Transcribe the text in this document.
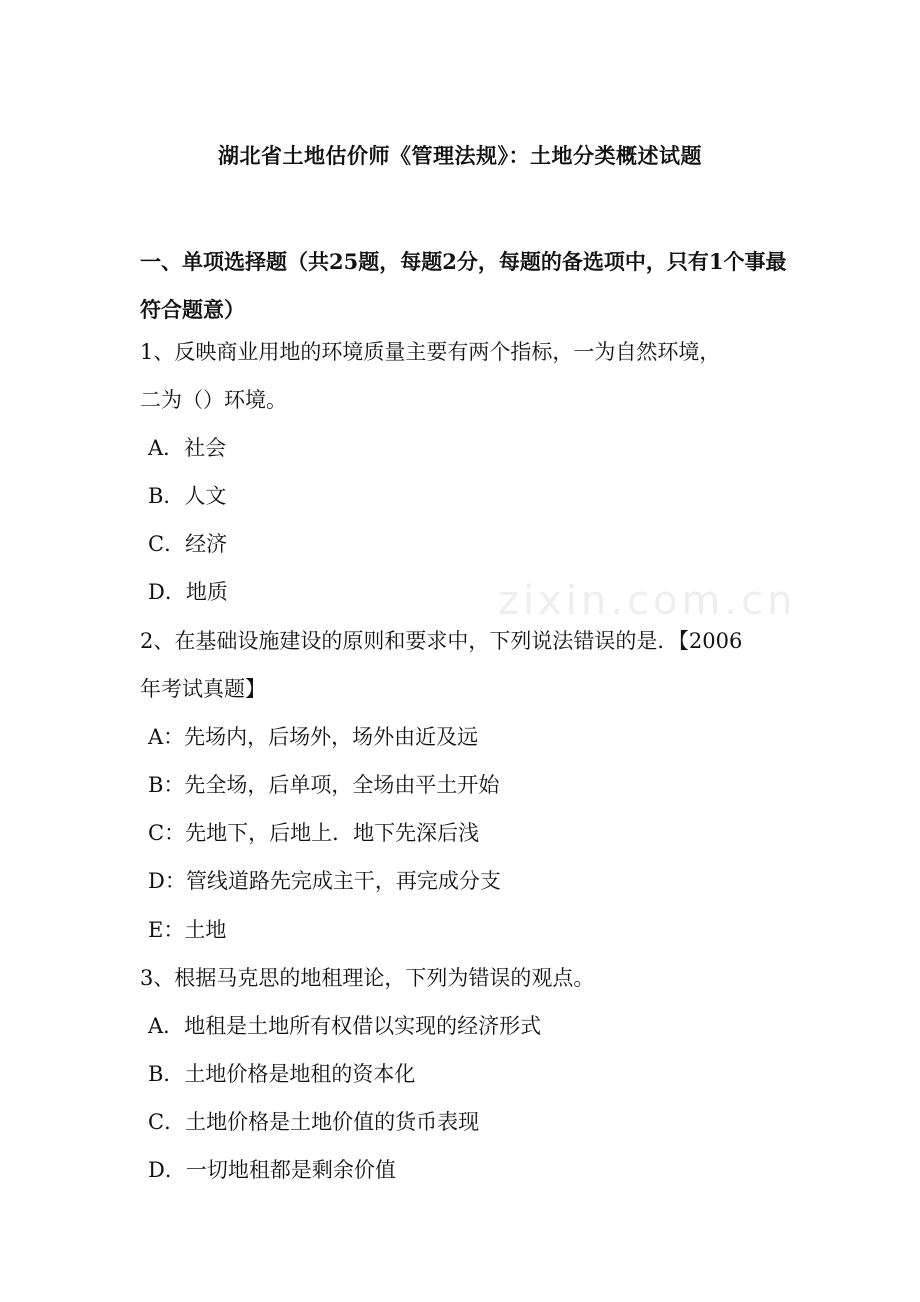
zixin.com.cn
湖北省土地估价师《管理法规》：土地分类概述试题
一、单项选择题（共25题，每题2分，每题的备选项中，只有1个事最符合题意）
1、反映商业用地的环境质量主要有两个指标，一为自然环境，
二为（）环境。
A．社会
B．人文
C．经济
D．地质
2、在基础设施建设的原则和要求中，下列说法错误的是．【2006
年考试真题】
A：先场内，后场外，场外由近及远
B：先全场，后单项，全场由平土开始
C：先地下，后地上．地下先深后浅
D：管线道路先完成主干，再完成分支
E：土地
3、根据马克思的地租理论，下列为错误的观点。
A．地租是土地所有权借以实现的经济形式
B．土地价格是地租的资本化
C．土地价格是土地价值的货币表现
D．一切地租都是剩余价值
